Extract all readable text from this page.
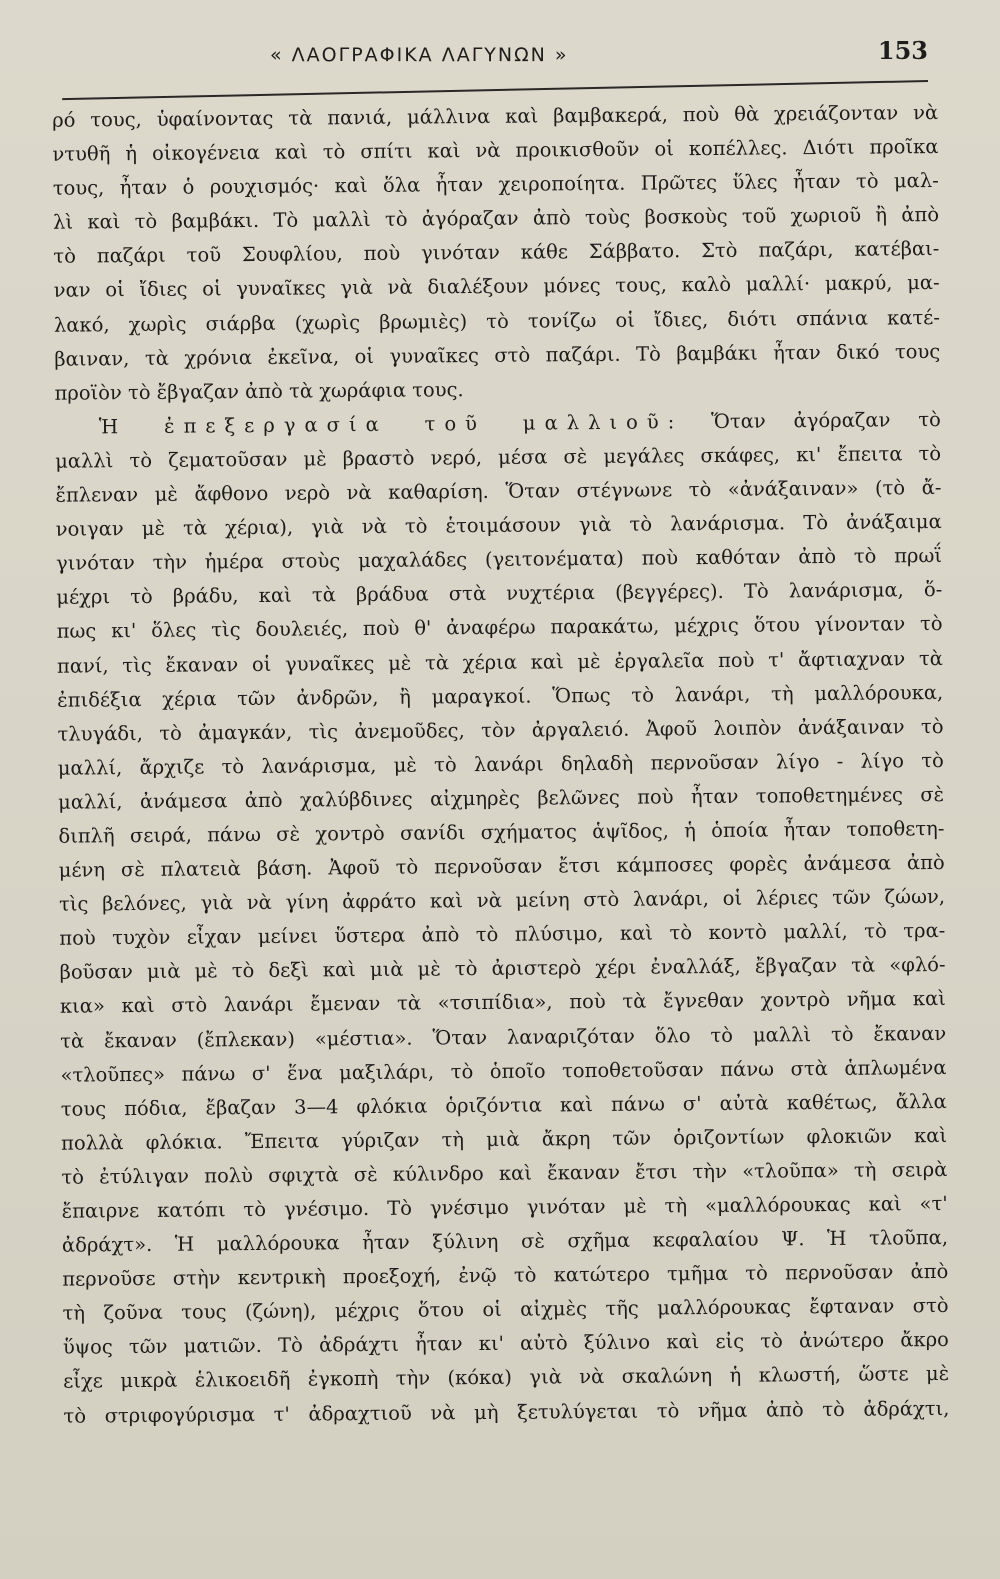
« ΛΑΟΓΡΑΦΙΚΑ ΛΑΓΥΝΩΝ »	153
ρό τους, ὑφαίνοντας τὰ πανιά, μάλλινα καὶ βαμβακερά, ποὺ θὰ χρειάζονταν νὰ
ντυθῆ ἡ οἰκογένεια καὶ τὸ σπίτι καὶ νὰ προικισθοῦν οἱ κοπέλλες. Διότι προῖκα
τους, ἦταν ὁ ρουχισμός· καὶ ὅλα ἦταν χειροποίητα. Πρῶτες ὕλες ἦταν τὸ μαλ-
λὶ καὶ τὸ βαμβάκι. Τὸ μαλλὶ τὸ ἀγόραζαν ἀπὸ τοὺς βοσκοὺς τοῦ χωριοῦ ἢ ἀπὸ
τὸ παζάρι τοῦ Σουφλίου, ποὺ γινόταν κάθε Σάββατο. Στὸ παζάρι, κατέβαι-
ναν οἱ ἴδιες οἱ γυναῖκες γιὰ νὰ διαλέξουν μόνες τους, καλὸ μαλλί· μακρύ, μα-
λακό, χωρὶς σιάρβα (χωρὶς βρωμιὲς) τὸ τονίζω οἱ ἴδιες, διότι σπάνια κατέ-
βαιναν, τὰ χρόνια ἐκεῖνα, οἱ γυναῖκες στὸ παζάρι. Τὸ βαμβάκι ἦταν δικό τους
προϊὸν τὸ ἔβγαζαν ἀπὸ τὰ χωράφια τους.
Ἡ ἐπεξεργασία τοῦ μαλλιοῦ: Ὅταν ἀγόραζαν τὸ
μαλλὶ τὸ ζεματοῦσαν μὲ βραστὸ νερό, μέσα σὲ μεγάλες σκάφες, κι' ἔπειτα τὸ
ἔπλεναν μὲ ἄφθονο νερὸ νὰ καθαρίση. Ὅταν στέγνωνε τὸ «ἀνάξαιναν» (τὸ ἄ-
νοιγαν μὲ τὰ χέρια), γιὰ νὰ τὸ ἑτοιμάσουν γιὰ τὸ λανάρισμα. Τὸ ἀνάξαιμα
γινόταν τὴν ἡμέρα στοὺς μαχαλάδες (γειτονέματα) ποὺ καθόταν ἀπὸ τὸ πρωΐ
μέχρι τὸ βράδυ, καὶ τὰ βράδυα στὰ νυχτέρια (βεγγέρες). Τὸ λανάρισμα, ὅ-
πως κι' ὅλες τὶς δουλειές, ποὺ θ' ἀναφέρω παρακάτω, μέχρις ὅτου γίνονταν τὸ
πανί, τὶς ἔκαναν οἱ γυναῖκες μὲ τὰ χέρια καὶ μὲ ἐργαλεῖα ποὺ τ' ἄφτιαχναν τὰ
ἐπιδέξια χέρια τῶν ἀνδρῶν, ἢ μαραγκοί. Ὅπως τὸ λανάρι, τὴ μαλλόρουκα,
τλυγάδι, τὸ ἀμαγκάν, τὶς ἀνεμοῦδες, τὸν ἀργαλειό. Ἀφοῦ λοιπὸν ἀνάξαιναν τὸ
μαλλί, ἄρχιζε τὸ λανάρισμα, μὲ τὸ λανάρι δηλαδὴ περνοῦσαν λίγο - λίγο τὸ
μαλλί, ἀνάμεσα ἀπὸ χαλύβδινες αἰχμηρὲς βελῶνες ποὺ ἦταν τοποθετημένες σὲ
διπλῆ σειρά, πάνω σὲ χοντρὸ σανίδι σχήματος ἁψῖδος, ἡ ὁποία ἦταν τοποθετη-
μένη σὲ πλατειὰ βάση. Ἀφοῦ τὸ περνοῦσαν ἔτσι κάμποσες φορὲς ἀνάμεσα ἀπὸ
τὶς βελόνες, γιὰ νὰ γίνη ἀφράτο καὶ νὰ μείνη στὸ λανάρι, οἱ λέριες τῶν ζώων,
ποὺ τυχὸν εἶχαν μείνει ὕστερα ἀπὸ τὸ πλύσιμο, καὶ τὸ κοντὸ μαλλί, τὸ τρα-
βοῦσαν μιὰ μὲ τὸ δεξὶ καὶ μιὰ μὲ τὸ ἀριστερὸ χέρι ἐναλλάξ, ἔβγαζαν τὰ «φλό-
κια» καὶ στὸ λανάρι ἔμεναν τὰ «τσιπίδια», ποὺ τὰ ἔγνεθαν χοντρὸ νῆμα καὶ
τὰ ἔκαναν (ἔπλεκαν) «μέστια». Ὅταν λαναριζόταν ὅλο τὸ μαλλὶ τὸ ἔκαναν
«τλοῦπες» πάνω σ' ἕνα μαξιλάρι, τὸ ὁποῖο τοποθετοῦσαν πάνω στὰ ἁπλωμένα
τους πόδια, ἔβαζαν 3—4 φλόκια ὁριζόντια καὶ πάνω σ' αὐτὰ καθέτως, ἄλλα
πολλὰ φλόκια. Ἔπειτα γύριζαν τὴ μιὰ ἄκρη τῶν ὁριζοντίων φλοκιῶν καὶ
τὸ ἐτύλιγαν πολὺ σφιχτὰ σὲ κύλινδρο καὶ ἔκαναν ἔτσι τὴν «τλοῦπα» τὴ σειρὰ
ἔπαιρνε κατόπι τὸ γνέσιμο. Τὸ γνέσιμο γινόταν μὲ τὴ «μαλλόρουκας καὶ «τ'
ἀδράχτ». Ἡ μαλλόρουκα ἦταν ξύλινη σὲ σχῆμα κεφαλαίου Ψ. Ἡ τλοῦπα,
περνοῦσε στὴν κεντρικὴ προεξοχή, ἐνῷ τὸ κατώτερο τμῆμα τὸ περνοῦσαν ἀπὸ
τὴ ζοῦνα τους (ζώνη), μέχρις ὅτου οἱ αἰχμὲς τῆς μαλλόρουκας ἔφταναν στὸ
ὕψος τῶν ματιῶν. Τὸ ἀδράχτι ἦταν κι' αὐτὸ ξύλινο καὶ εἰς τὸ ἀνώτερο ἄκρο
εἶχε μικρὰ ἑλικοειδῆ ἐγκοπὴ τὴν (κόκα) γιὰ νὰ σκαλώνη ἡ κλωστή, ὥστε μὲ
τὸ στριφογύρισμα τ' ἀδραχτιοῦ νὰ μὴ ξετυλύγεται τὸ νῆμα ἀπὸ τὸ ἀδράχτι,
